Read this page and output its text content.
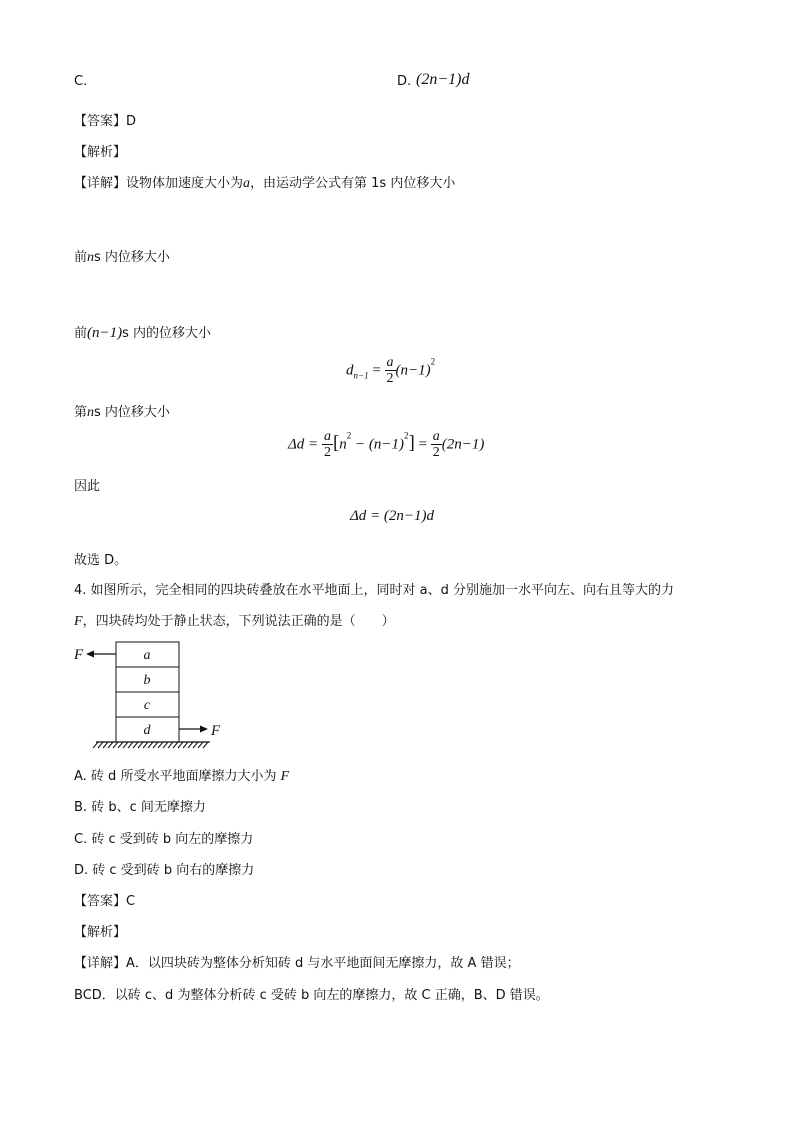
C.	D. (2n−1)d
【答案】D
【解析】
【详解】设物体加速度大小为a，由运动学公式有第 1s 内位移大小
前ns 内位移大小
前(n−1)s 内的位移大小
$d_{n-1} = \frac{a}{2} (n-1)^2$
第ns 内位移大小
$\Delta d = \frac{a}{2} [n^2 - (n-1)^2] = \frac{a}{2} (2n-1)$
因此
Δd = (2n−1)d
故选 D。
4. 如图所示，完全相同的四块砖叠放在水平地面上，同时对 a、d 分别施加一水平向左、向右且等大的力
F，四块砖均处于静止状态，下列说法正确的是（　　）
F	a
b
c
d	F
A. 砖 d 所受水平地面摩擦力大小为 F
B. 砖 b、c 间无摩擦力
C. 砖 c 受到砖 b 向左的摩擦力
D. 砖 c 受到砖 b 向右的摩擦力
【答案】C
【解析】
【详解】A．以四块砖为整体分析知砖 d 与水平地面间无摩擦力，故 A 错误；
BCD．以砖 c、d 为整体分析砖 c 受砖 b 向左的摩擦力，故 C 正确，B、D 错误。
